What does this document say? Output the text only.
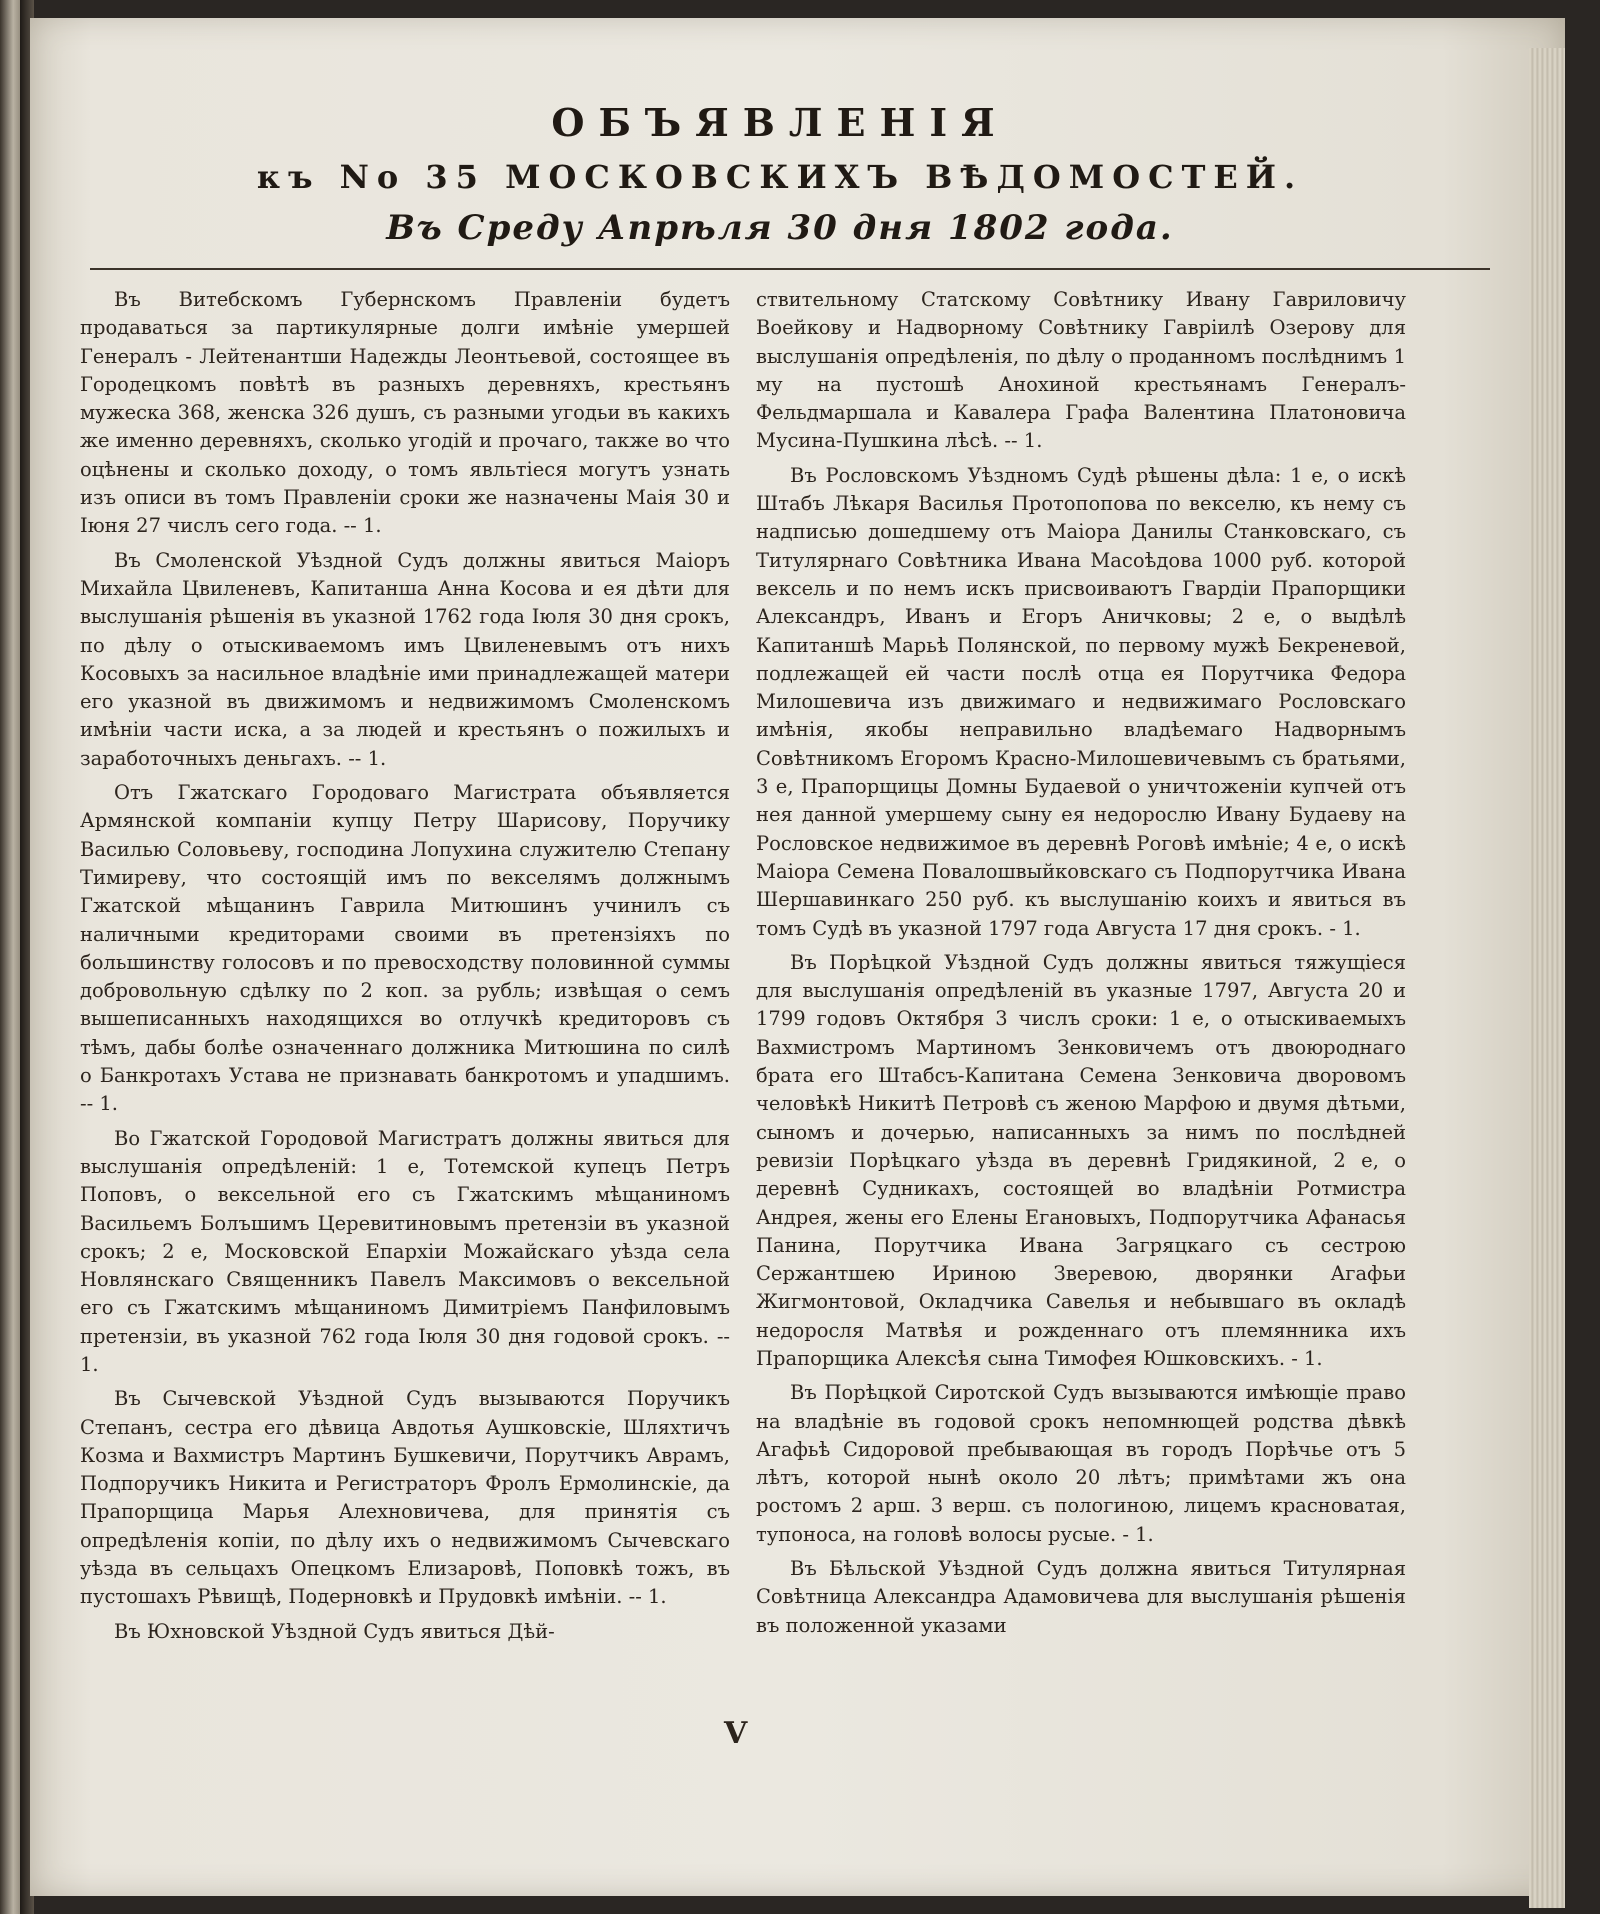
ОБЪЯВЛЕНІЯ
къ No 35 МОСКОВСКИХЪ ВѢДОМОСТЕЙ.
Въ Среду Апрѣля 30 дня 1802 года.

Въ Витебскомъ Губернскомъ Правленіи будетъ продаваться за партикулярные долги имѣніе умершей Генералъ - Лейтенантши Надежды Леонтьевой, состоящее въ Городецкомъ повѣтѣ въ разныхъ деревняхъ, крестьянъ мужеска 368, женска 326 душъ, съ разными угодьи въ какихъ же именно деревняхъ, сколько угодій и прочаго, также во что оцѣнены и сколько доходу, о томъ явльтіеся могутъ узнать изъ описи въ томъ Правленіи сроки же назначены Маія 30 и Іюня 27 числъ сего года. -- 1.

Въ Смоленской Уѣздной Судъ должны явиться Маіоръ Михайла Цвиленевъ, Капитанша Анна Косова и ея дѣти для выслушанія рѣшенія въ указной 1762 года Іюля 30 дня срокъ, по дѣлу о отыскиваемомъ имъ Цвиленевымъ отъ нихъ Косовыхъ за насильное владѣніе ими принадлежащей матери его указной въ движимомъ и недвижимомъ Смоленскомъ имѣніи части иска, а за людей и крестьянъ о пожилыхъ и заработочныхъ деньгахъ. -- 1.

Отъ Гжатскаго Городоваго Магистрата объявляется Армянской компаніи купцу Петру Шарисову, Поручику Василью Соловьеву, господина Лопухина служителю Степану Тимиреву, что состоящій имъ по векселямъ должнымъ Гжатской мѣщанинъ Гаврила Митюшинъ учинилъ съ наличными кредиторами своими въ претензіяхъ по большинству голосовъ и по превосходству половинной суммы добровольную сдѣлку по 2 коп. за рубль; извѣщая о семъ вышеписанныхъ находящихся во отлучкѣ кредиторовъ съ тѣмъ, дабы болѣе означеннаго должника Митюшина по силѣ о Банкротахъ Устава не признавать банкротомъ и упадшимъ. -- 1.

Во Гжатской Городовой Магистратъ должны явиться для выслушанія опредѣленій: 1 е, Тотемской купецъ Петръ Поповъ, о вексельной его съ Гжатскимъ мѣщаниномъ Васильемъ Болъшимъ Церевитиновымъ претензіи въ указной срокъ; 2 е, Московской Епархіи Можайскаго уѣзда села Новлянскаго Священникъ Павелъ Максимовъ о вексельной его съ Гжатскимъ мѣщаниномъ Димитріемъ Панфиловымъ претензіи, въ указной 762 года Іюля 30 дня годовой срокъ. -- 1.

Въ Сычевской Уѣздной Судъ вызываются Поручикъ Степанъ, сестра его дѣвица Авдотья Аушковскіе, Шляхтичъ Козма и Вахмистръ Мартинъ Бушкевичи, Порутчикъ Аврамъ, Подпоручикъ Никита и Регистраторъ Фролъ Ермолинскіе, да Прапорщица Марья Алехновичева, для принятія съ опредѣленія копіи, по дѣлу ихъ о недвижимомъ Сычевскаго уѣзда въ сельцахъ Опецкомъ Елизаровѣ, Поповкѣ тожъ, въ пустошахъ Рѣвищѣ, Подерновкѣ и Прудовкѣ имѣніи. -- 1.

Въ Юхновской Уѣздной Судъ явиться Дѣй-

ствительному Статскому Совѣтнику Ивану Гавриловичу Воейкову и Надворному Совѣтнику Гавріилѣ Озерову для выслушанія опредѣленія, по дѣлу о проданномъ послѣднимъ 1 му на пустошѣ Анохиной крестьянамъ Генералъ-Фельдмаршала и Кавалера Графа Валентина Платоновича Мусина-Пушкина лѣсѣ. -- 1.

Въ Рословскомъ Уѣздномъ Судѣ рѣшены дѣла: 1 е, о искѣ Штабъ Лѣкаря Василья Протопопова по векселю, къ нему съ надписью дошедшему отъ Маіора Данилы Станковскаго, съ Титулярнаго Совѣтника Ивана Масоѣдова 1000 руб. которой вексель и по немъ искъ присвоиваютъ Гвардіи Прапорщики Александръ, Иванъ и Егоръ Аничковы; 2 е, о выдѣлѣ Капитаншѣ Марьѣ Полянской, по первому мужѣ Бекреневой, подлежащей ей части послѣ отца ея Порутчика Федора Милошевича изъ движимаго и недвижимаго Рословскаго имѣнія, якобы неправильно владѣемаго Надворнымъ Совѣтникомъ Егоромъ Красно-Милошевичевымъ съ братьями, 3 е, Прапорщицы Домны Будаевой о уничтоженіи купчей отъ нея данной умершему сыну ея недорослю Ивану Будаеву на Рословское недвижимое въ деревнѣ Роговѣ имѣніе; 4 е, о искѣ Маіора Семена Повалошвыйковскаго съ Подпорутчика Ивана Шершавинкаго 250 руб. къ выслушанію коихъ и явиться въ томъ Судѣ въ указной 1797 года Августа 17 дня срокъ. - 1.

Въ Порѣцкой Уѣздной Судъ должны явиться тяжущіеся для выслушанія опредѣленій въ указные 1797, Августа 20 и 1799 годовъ Октября 3 числъ сроки: 1 е, о отыскиваемыхъ Вахмистромъ Мартиномъ Зенковичемъ отъ двоюроднаго брата его Штабсъ-Капитана Семена Зенковича дворовомъ человѣкѣ Никитѣ Петровѣ съ женою Марфою и двумя дѣтьми, сыномъ и дочерью, написанныхъ за нимъ по послѣдней ревизіи Порѣцкаго уѣзда въ деревнѣ Гридякиной, 2 е, о деревнѣ Судникахъ, состоящей во владѣніи Ротмистра Андрея, жены его Елены Егановыхъ, Подпорутчика Афанасья Панина, Порутчика Ивана Загряцкаго съ сестрою Сержантшею Ириною Зверевою, дворянки Агафьи Жигмонтовой, Окладчика Савелья и небывшаго въ окладѣ недоросля Матвѣя и рожденнаго отъ племянника ихъ Прапорщика Алексѣя сына Тимофея Юшковскихъ. - 1.

Въ Порѣцкой Сиротской Судъ вызываются имѣющіе право на владѣніе въ годовой срокъ непомнющей родства дѣвкѣ Агафьѣ Сидоровой пребывающая въ городъ Порѣчье отъ 5 лѣтъ, которой нынѣ около 20 лѣтъ; примѣтами жъ она ростомъ 2 арш. 3 верш. съ пологиною, лицемъ красноватая, тупоноса, на головѣ волосы русые. - 1.

Въ Бѣльской Уѣздной Судъ должна явиться Титулярная Совѣтница Александра Адамовичева для выслушанія рѣшенія въ положенной указами

V
